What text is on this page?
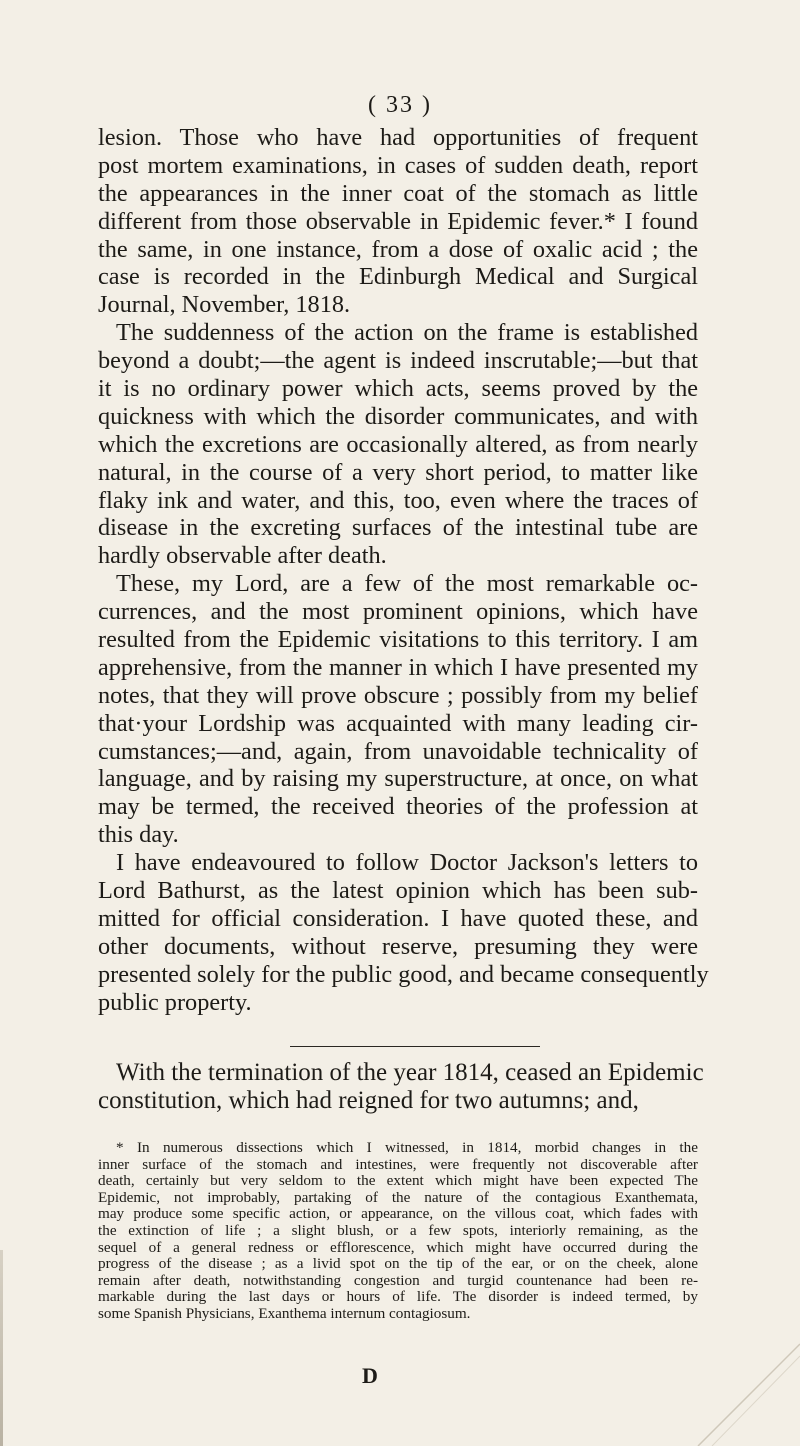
( 33 )
lesion. Those who have had opportunities of frequent
post mortem examinations, in cases of sudden death, report
the appearances in the inner coat of the stomach as little
different from those observable in Epidemic fever.* I found
the same, in one instance, from a dose of oxalic acid ; the
case is recorded in the Edinburgh Medical and Surgical
Journal, November, 1818.
The suddenness of the action on the frame is established
beyond a doubt;—the agent is indeed inscrutable;—but that
it is no ordinary power which acts, seems proved by the
quickness with which the disorder communicates, and with
which the excretions are occasionally altered, as from nearly
natural, in the course of a very short period, to matter like
flaky ink and water, and this, too, even where the traces of
disease in the excreting surfaces of the intestinal tube are
hardly observable after death.
These, my Lord, are a few of the most remarkable oc-
currences, and the most prominent opinions, which have
resulted from the Epidemic visitations to this territory. I am
apprehensive, from the manner in which I have presented my
notes, that they will prove obscure ; possibly from my belief
that·your Lordship was acquainted with many leading cir-
cumstances;—and, again, from unavoidable technicality of
language, and by raising my superstructure, at once, on what
may be termed, the received theories of the profession at
this day.
I have endeavoured to follow Doctor Jackson's letters to
Lord Bathurst, as the latest opinion which has been sub-
mitted for official consideration. I have quoted these, and
other documents, without reserve, presuming they were
presented solely for the public good, and became consequently
public property.
With the termination of the year 1814, ceased an Epidemic
constitution, which had reigned for two autumns; and,
* In numerous dissections which I witnessed, in 1814, morbid changes in the
inner surface of the stomach and intestines, were frequently not discoverable after
death, certainly but very seldom to the extent which might have been expected The
Epidemic, not improbably, partaking of the nature of the contagious Exanthemata,
may produce some specific action, or appearance, on the villous coat, which fades with
the extinction of life ; a slight blush, or a few spots, interiorly remaining, as the
sequel of a general redness or efflorescence, which might have occurred during the
progress of the disease ; as a livid spot on the tip of the ear, or on the cheek, alone
remain after death, notwithstanding congestion and turgid countenance had been re-
markable during the last days or hours of life. The disorder is indeed termed, by
some Spanish Physicians, Exanthema internum contagiosum.
D
